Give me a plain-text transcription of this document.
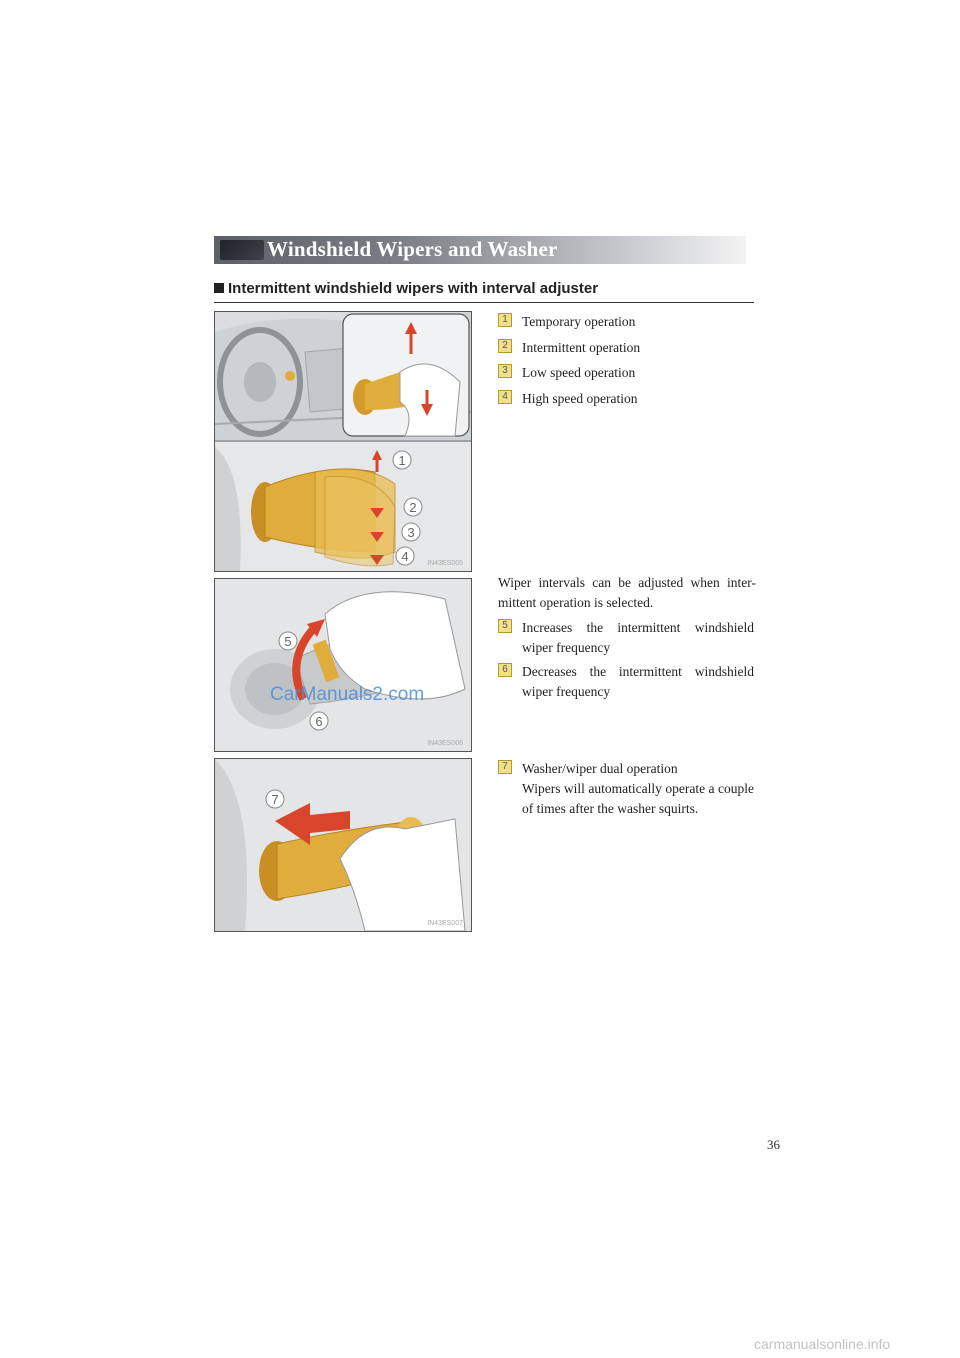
Windshield Wipers and Washer
Intermittent windshield wipers with interval adjuster
1
2
3
4	IN43ES005
5
6
IN43ES006
7
IN43ES007
CarManuals2.com
1	Temporary operation
2	Intermittent operation
3	Low speed operation
4	High speed operation
Wiper intervals can be adjusted when inter-mittent operation is selected.
5	Increases the intermittent windshield wiper frequency
6	Decreases the intermittent windshield wiper frequency
7	Washer/wiper dual operation
Wipers will automatically operate a couple of times after the washer squirts.
36
carmanualsonline.info
